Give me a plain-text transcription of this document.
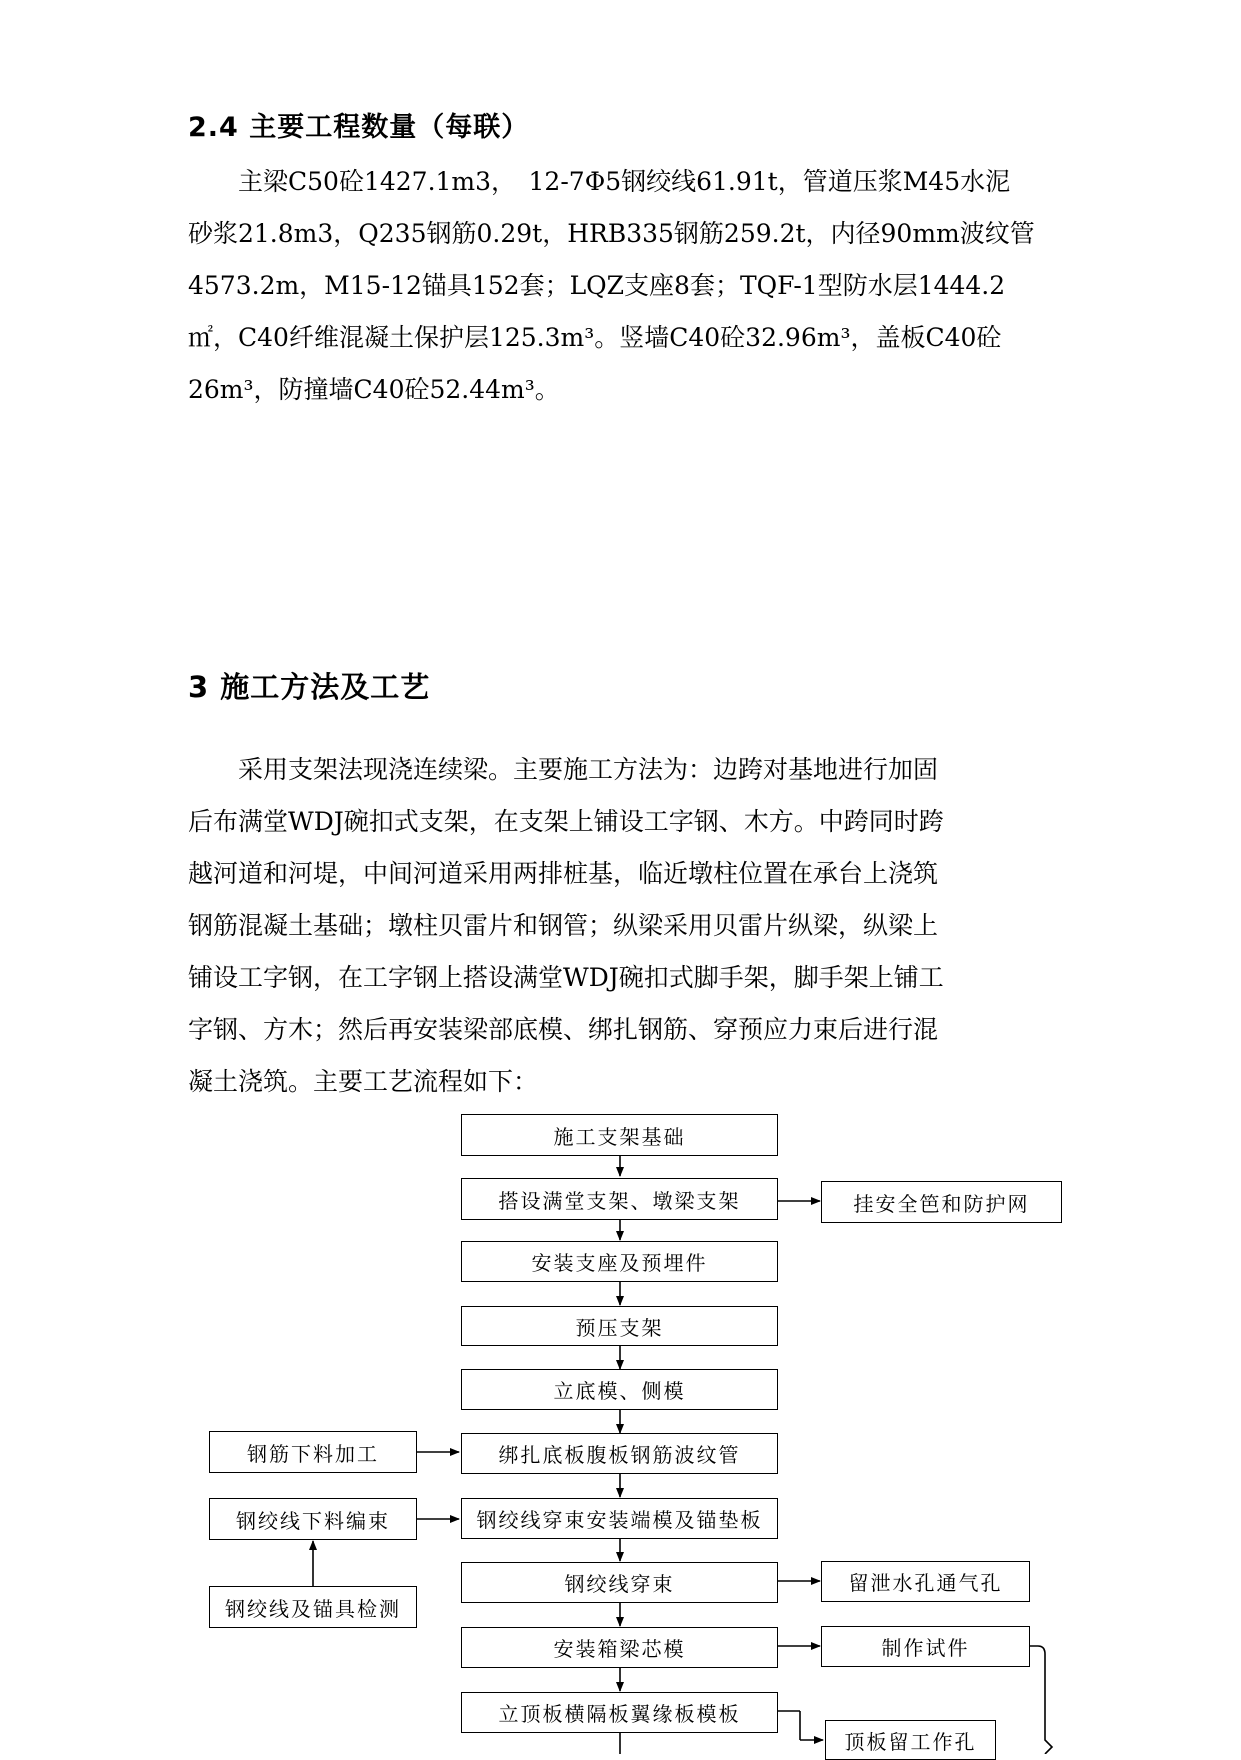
2.4 主要工程数量（每联）
　　主梁C50砼1427.1m3，　12-7Φ5钢绞线61.91t，管道压浆M45水泥
砂浆21.8m3，Q235钢筋0.29t，HRB335钢筋259.2t，内径90mm波纹管
4573.2m，M15-12锚具152套；LQZ支座8套；TQF-1型防水层1444.2
㎡，C40纤维混凝土保护层125.3m³。竖墙C40砼32.96m³，盖板C40砼
26m³，防撞墙C40砼52.44m³。
3 施工方法及工艺
　　采用支架法现浇连续梁。主要施工方法为：边跨对基地进行加固
后布满堂WDJ碗扣式支架，在支架上铺设工字钢、木方。中跨同时跨
越河道和河堤，中间河道采用两排桩基，临近墩柱位置在承台上浇筑
钢筋混凝土基础；墩柱贝雷片和钢管；纵梁采用贝雷片纵梁，纵梁上
铺设工字钢，在工字钢上搭设满堂WDJ碗扣式脚手架，脚手架上铺工
字钢、方木；然后再安装梁部底模、绑扎钢筋、穿预应力束后进行混
凝土浇筑。主要工艺流程如下：
施工支架基础
搭设满堂支架、墩梁支架
安装支座及预埋件
预压支架
立底模、侧模
绑扎底板腹板钢筋波纹管
钢绞线穿束安装端模及锚垫板
钢绞线穿束
安装箱梁芯模
立顶板横隔板翼缘板模板
挂安全笆和防护网
留泄水孔通气孔
制作试件
顶板留工作孔
钢筋下料加工
钢绞线下料编束
钢绞线及锚具检测
